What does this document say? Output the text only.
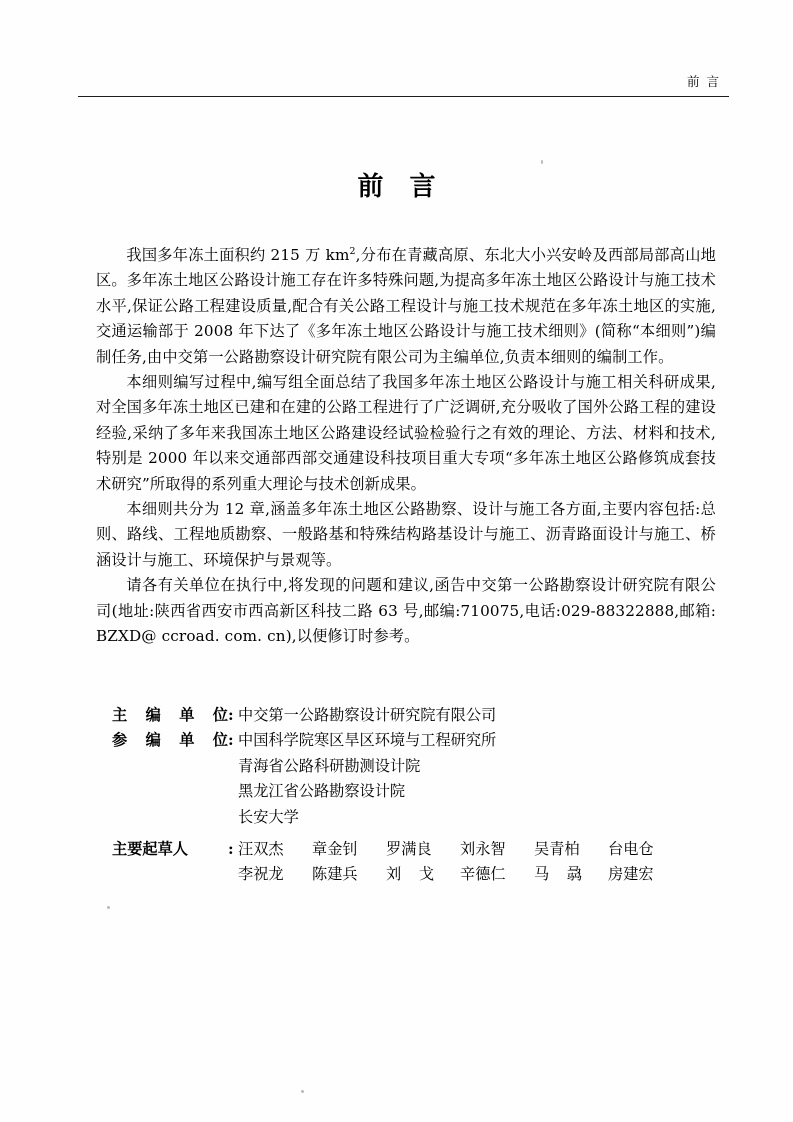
前言
前言

我国多年冻土面积约 215 万 $km^2$,分布在青藏高原、东北大小兴安岭及西部局部高山地区。多年冻土地区公路设计施工存在许多特殊问题,为提高多年冻土地区公路设计与施工技术水平,保证公路工程建设质量,配合有关公路工程设计与施工技术规范在多年冻土地区的实施,交通运输部于 2008 年下达了《多年冻土地区公路设计与施工技术细则》(简称“本细则”)编制任务,由中交第一公路勘察设计研究院有限公司为主编单位,负责本细则的编制工作。

本细则编写过程中,编写组全面总结了我国多年冻土地区公路设计与施工相关科研成果,对全国多年冻土地区已建和在建的公路工程进行了广泛调研,充分吸收了国外公路工程的建设经验,采纳了多年来我国冻土地区公路建设经试验检验行之有效的理论、方法、材料和技术,特别是 2000 年以来交通部西部交通建设科技项目重大专项“多年冻土地区公路修筑成套技术研究”所取得的系列重大理论与技术创新成果。

本细则共分为 12 章,涵盖多年冻土地区公路勘察、设计与施工各方面,主要内容包括:总则、路线、工程地质勘察、一般路基和特殊结构路基设计与施工、沥青路面设计与施工、桥涵设计与施工、环境保护与景观等。

请各有关单位在执行中,将发现的问题和建议,函告中交第一公路勘察设计研究院有限公司(地址:陕西省西安市西高新区科技二路 63 号,邮编:710075,电话:029-88322888,邮箱:BZXD@ ccroad. com. cn),以便修订时参考。

主 编 单 位 : 中交第一公路勘察设计研究院有限公司
参 编 单 位 : 中国科学院寒区旱区环境与工程研究所
青海省公路科研勘测设计院
黑龙江省公路勘察设计院
长安大学
主要起草人	: 汪双杰 章金钊 罗满良 刘永智 吴青柏 台电仓
李祝龙 陈建兵 刘 戈 辛德仁 马 骉 房建宏
